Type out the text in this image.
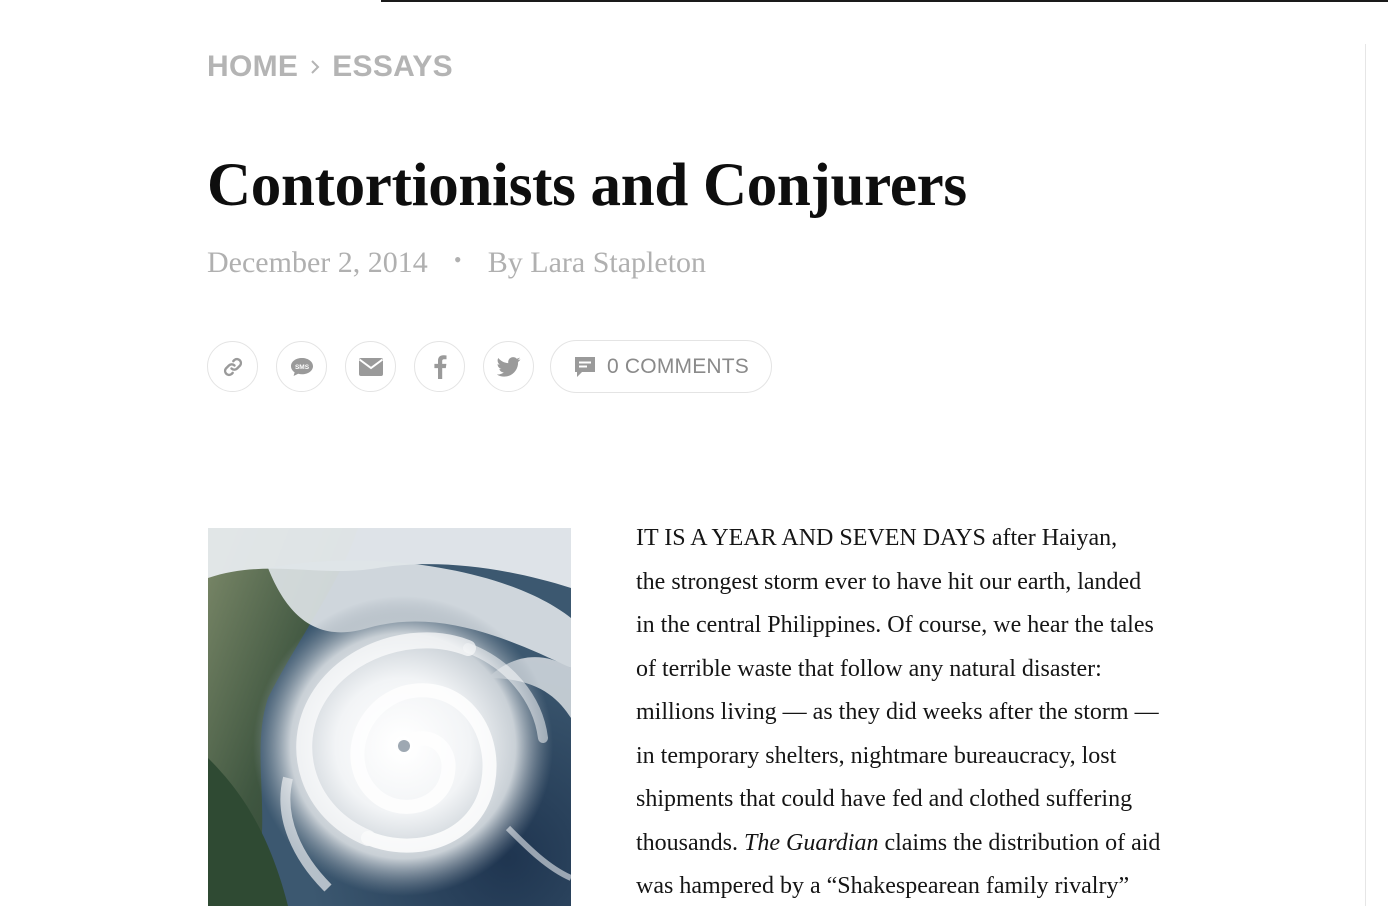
HOME ESSAYS
Contortionists and Conjurers
December 2, 2014	• By Lara Stapleton
SMS	0 COMMENTS
IT IS A YEAR AND SEVEN DAYS after Haiyan,
the strongest storm ever to have hit our earth, landed
in the central Philippines. Of course, we hear the tales
of terrible waste that follow any natural disaster:
millions living — as they did weeks after the storm —
in temporary shelters, nightmare bureaucracy, lost
shipments that could have fed and clothed suffering
thousands. The Guardian claims the distribution of aid
was hampered by a “Shakespearean family rivalry”
